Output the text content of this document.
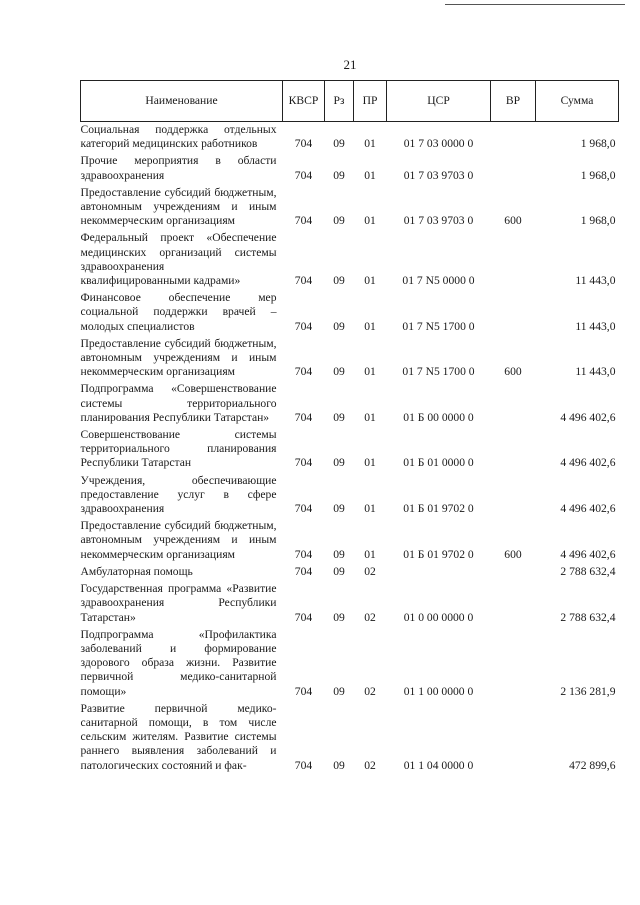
21
Наименование	КВСР	Рз	ПР	ЦСР	ВР	Сумма
Социальная поддержка отдельных категорий медицинских работников	704	09	01	01 7 03 0000 0		1 968,0
Прочие мероприятия в области здравоохранения	704	09	01	01 7 03 9703 0		1 968,0
Предоставление субсидий бюджетным, автономным учреждениям и иным некоммерческим организациям	704	09	01	01 7 03 9703 0	600	1 968,0
Федеральный проект «Обеспечение медицинских организаций системы здравоохранения квалифицированными кадрами»	704	09	01	01 7 N5 0000 0		11 443,0
Финансовое обеспечение мер социальной поддержки врачей – молодых специалистов	704	09	01	01 7 N5 1700 0		11 443,0
Предоставление субсидий бюджетным, автономным учреждениям и иным некоммерческим организациям	704	09	01	01 7 N5 1700 0	600	11 443,0
Подпрограмма «Совершенствование системы территориального планирования Республики Татарстан»	704	09	01	01 Б 00 0000 0		4 496 402,6
Совершенствование системы территориального планирования Республики Татарстан	704	09	01	01 Б 01 0000 0		4 496 402,6
Учреждения, обеспечивающие предоставление услуг в сфере здравоохранения	704	09	01	01 Б 01 9702 0		4 496 402,6
Предоставление субсидий бюджетным, автономным учреждениям и иным некоммерческим организациям	704	09	01	01 Б 01 9702 0	600	4 496 402,6
Амбулаторная помощь	704	09	02			2 788 632,4
Государственная программа «Развитие здравоохранения Республики Татарстан»	704	09	02	01 0 00 0000 0		2 788 632,4
Подпрограмма «Профилактика заболеваний и формирование здорового образа жизни. Развитие первичной медико-санитарной помощи»	704	09	02	01 1 00 0000 0		2 136 281,9
Развитие первичной медико-санитарной помощи, в том числе сельским жителям. Развитие системы раннего выявления заболеваний и патологических состояний и фак-	704	09	02	01 1 04 0000 0		472 899,6
